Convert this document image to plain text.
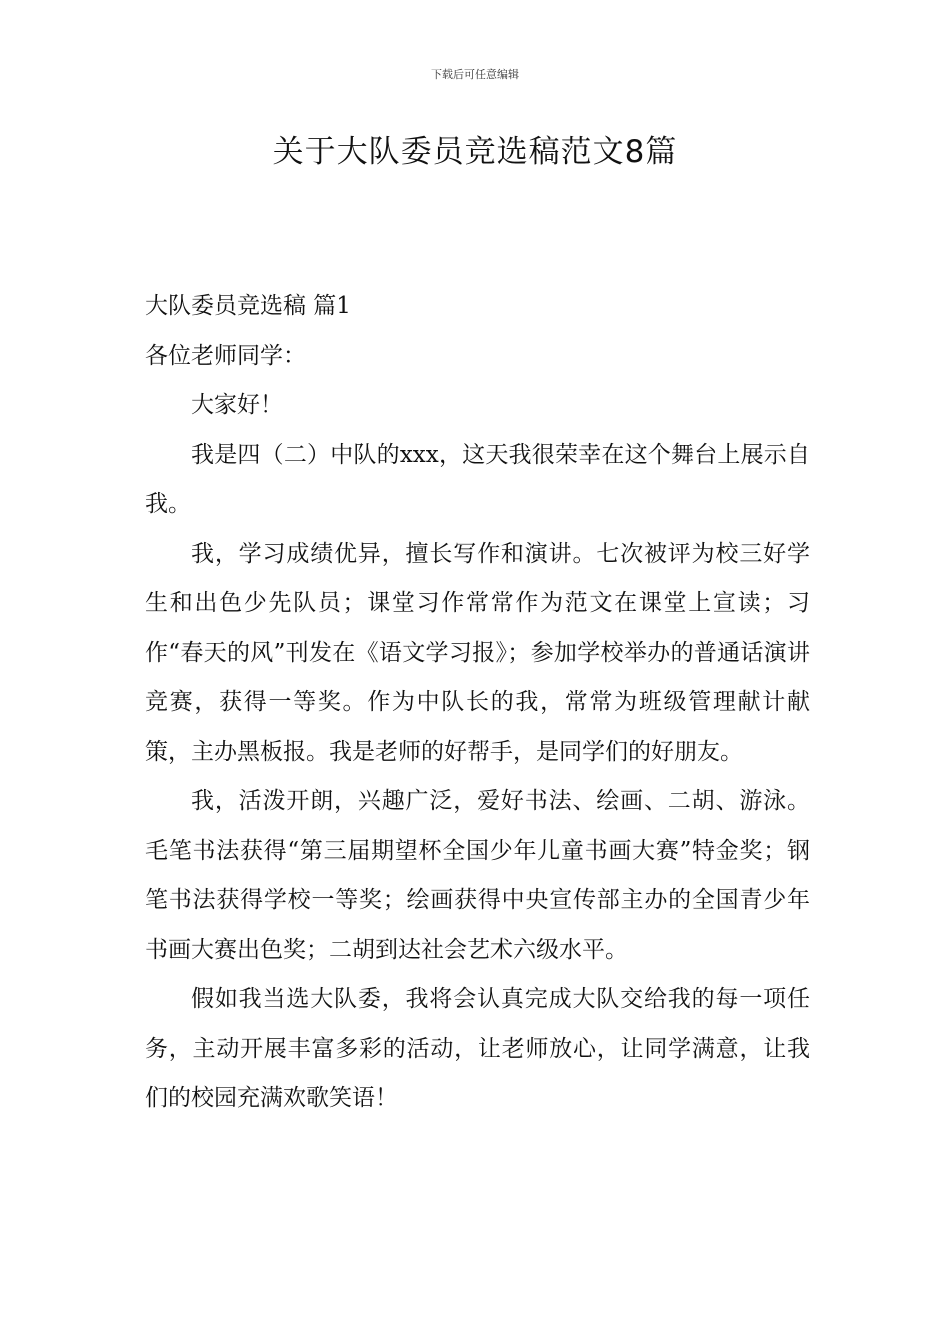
下载后可任意编辑
关于大队委员竞选稿范文8篇

大队委员竞选稿 篇1

各位老师同学：

大家好！

我是四（二）中队的xxx，这天我很荣幸在这个舞台上展示自我。

我，学习成绩优异，擅长写作和演讲。七次被评为校三好学生和出色少先队员；课堂习作常常作为范文在课堂上宣读；习作“春天的风”刊发在《语文学习报》；参加学校举办的普通话演讲竞赛，获得一等奖。作为中队长的我，常常为班级管理献计献策，主办黑板报。我是老师的好帮手，是同学们的好朋友。

我，活泼开朗，兴趣广泛，爱好书法、绘画、二胡、游泳。毛笔书法获得“第三届期望杯全国少年儿童书画大赛”特金奖；钢笔书法获得学校一等奖；绘画获得中央宣传部主办的全国青少年书画大赛出色奖；二胡到达社会艺术六级水平。

假如我当选大队委，我将会认真完成大队交给我的每一项任务，主动开展丰富多彩的活动，让老师放心，让同学满意，让我们的校园充满欢歌笑语！
